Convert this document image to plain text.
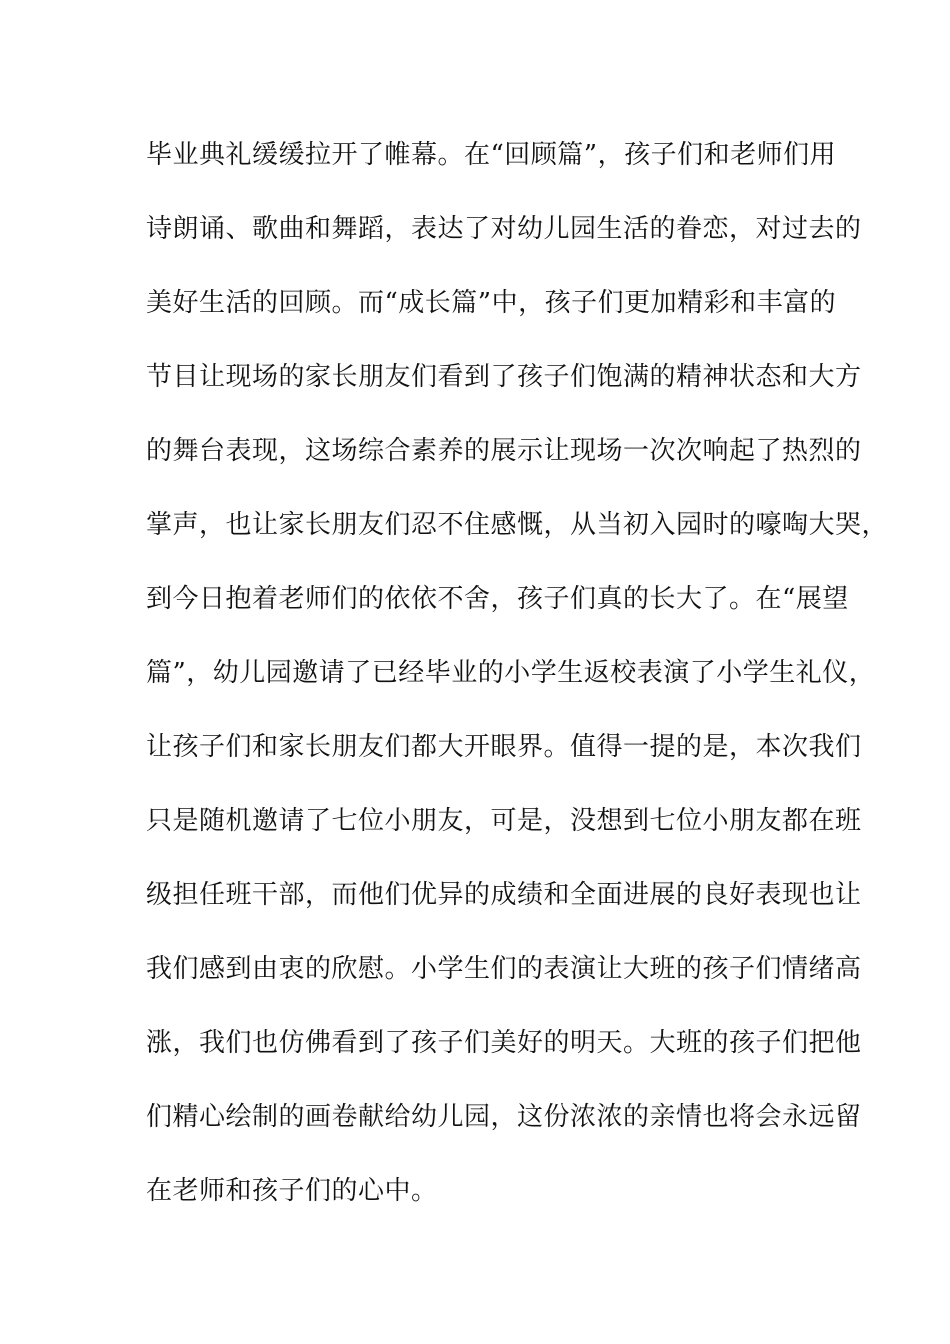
毕业典礼缓缓拉开了帷幕。在“回顾篇”，孩子们和老师们用
诗朗诵、歌曲和舞蹈，表达了对幼儿园生活的眷恋，对过去的
美好生活的回顾。而“成长篇”中，孩子们更加精彩和丰富的
节目让现场的家长朋友们看到了孩子们饱满的精神状态和大方
的舞台表现，这场综合素养的展示让现场一次次响起了热烈的
掌声，也让家长朋友们忍不住感慨，从当初入园时的嚎啕大哭，
到今日抱着老师们的依依不舍，孩子们真的长大了。在“展望
篇”，幼儿园邀请了已经毕业的小学生返校表演了小学生礼仪，
让孩子们和家长朋友们都大开眼界。值得一提的是，本次我们
只是随机邀请了七位小朋友，可是，没想到七位小朋友都在班
级担任班干部，而他们优异的成绩和全面进展的良好表现也让
我们感到由衷的欣慰。小学生们的表演让大班的孩子们情绪高
涨，我们也仿佛看到了孩子们美好的明天。大班的孩子们把他
们精心绘制的画卷献给幼儿园，这份浓浓的亲情也将会永远留
在老师和孩子们的心中。
